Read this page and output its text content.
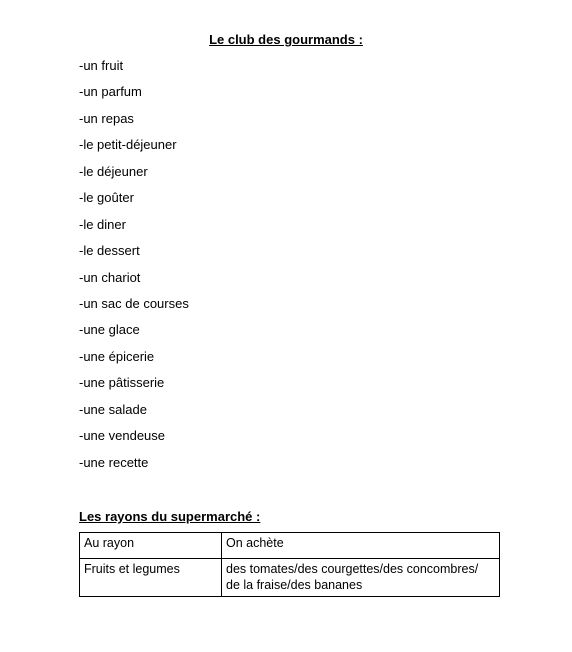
Le club des gourmands :
-un fruit
-un parfum
-un repas
-le petit-déjeuner
-le déjeuner
-le goûter
-le diner
-le dessert
-un chariot
-un sac de courses
-une glace
-une épicerie
-une pâtisserie
-une salade
-une vendeuse
-une recette
Les rayons du supermarché :
Au rayon	On achète
Fruits et legumes	des tomates/des courgettes/des concombres/ de la fraise/des bananes
